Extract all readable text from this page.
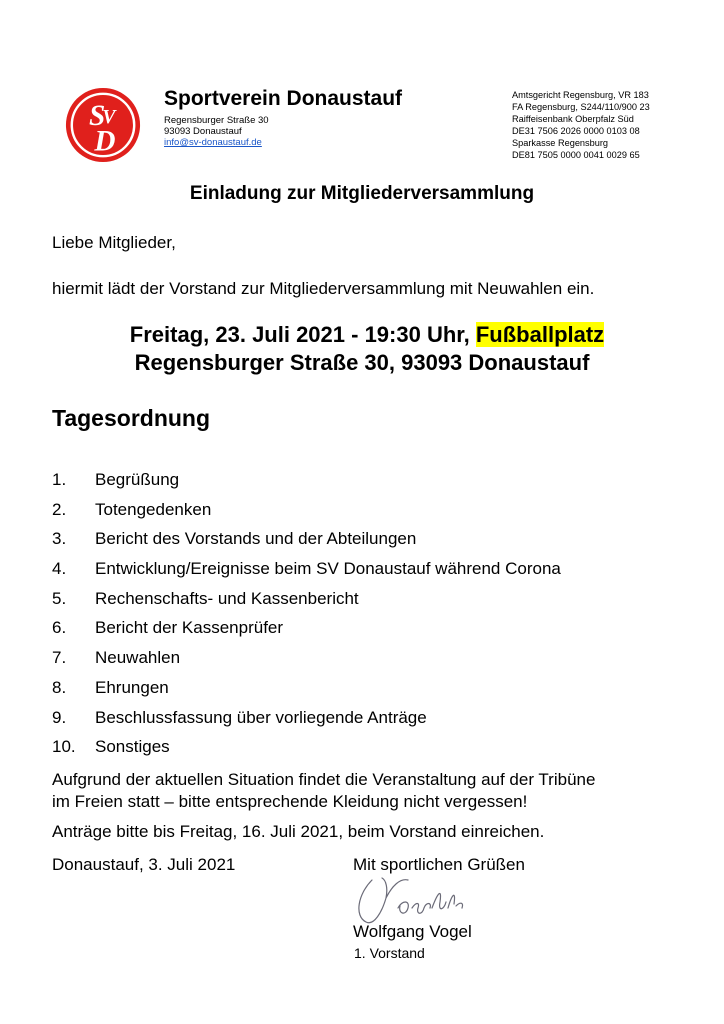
S
V
D
Sportverein Donaustauf
Regensburger Straße 30
93093 Donaustauf
info@sv-donaustauf.de
Amtsgericht Regensburg, VR 183
FA Regensburg, S244/110/900 23
Raiffeisenbank Oberpfalz Süd
DE31 7506 2026 0000 0103 08
Sparkasse Regensburg
DE81 7505 0000 0041 0029 65
Einladung zur Mitgliederversammlung
Liebe Mitglieder,
hiermit lädt der Vorstand zur Mitgliederversammlung mit Neuwahlen ein.
Freitag, 23. Juli 2021 - 19:30 Uhr, Fußballplatz
Regensburger Straße 30, 93093 Donaustauf
Tagesordnung
1. Begrüßung
2. Totengedenken
3. Bericht des Vorstands und der Abteilungen
4. Entwicklung/Ereignisse beim SV Donaustauf während Corona
5. Rechenschafts- und Kassenbericht
6. Bericht der Kassenprüfer
7. Neuwahlen
8. Ehrungen
9. Beschlussfassung über vorliegende Anträge
10. Sonstiges
Aufgrund der aktuellen Situation findet die Veranstaltung auf der Tribüne
im Freien statt – bitte entsprechende Kleidung nicht vergessen!
Anträge bitte bis Freitag, 16. Juli 2021, beim Vorstand einreichen.
Donaustauf, 3. Juli 2021	Mit sportlichen Grüßen
Wolfgang Vogel
1. Vorstand
